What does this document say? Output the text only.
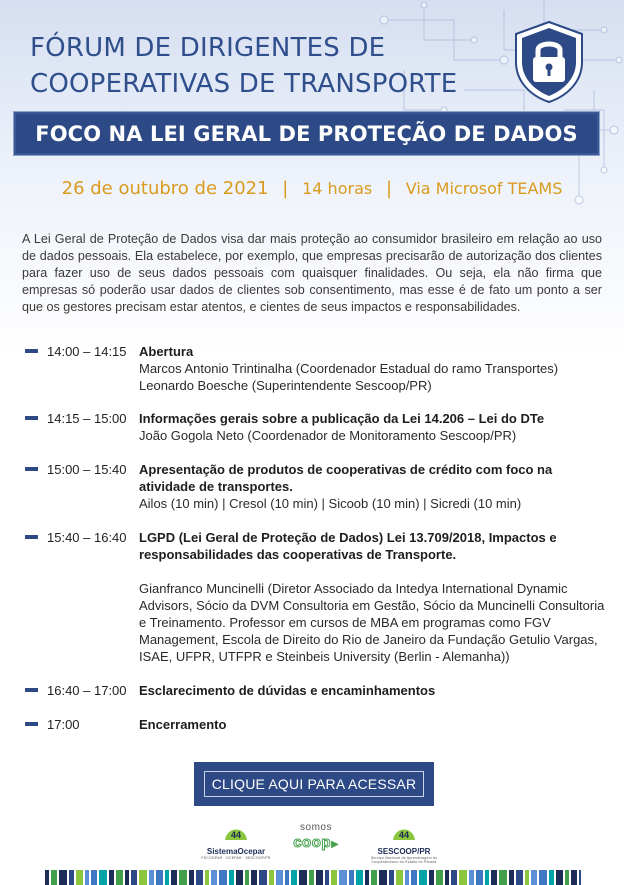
FÓRUM DE DIRIGENTES DE
COOPERATIVAS DE TRANSPORTE
FOCO NA LEI GERAL DE PROTEÇÃO DE DADOS
26 de outubro de 2021 | 14 horas | Via Microsof TEAMS

A Lei Geral de Proteção de Dados visa dar mais proteção ao consumidor brasileiro em relação ao uso de dados pessoais. Ela estabelece, por exemplo, que empresas precisarão de autorização dos clientes para fazer uso de seus dados pessoais com quaisquer finalidades. Ou seja, ela não firma que empresas só poderão usar dados de clientes sob consentimento, mas esse é de fato um ponto a ser que os gestores precisam estar atentos, e cientes de seus impactos e responsabilidades.

14:00 – 14:15 Abertura
Marcos Antonio Trintinalha (Coordenador Estadual do ramo Transportes)
Leonardo Boesche (Superintendente Sescoop/PR)
14:15 – 15:00 Informações gerais sobre a publicação da Lei 14.206 – Lei do DTe
João Gogola Neto (Coordenador de Monitoramento Sescoop/PR)
15:00 – 15:40 Apresentação de produtos de cooperativas de crédito com foco na atividade de transportes.
Ailos (10 min) | Cresol (10 min) | Sicoob (10 min) | Sicredi (10 min)
15:40 – 16:40 LGPD (Lei Geral de Proteção de Dados) Lei 13.709/2018, Impactos e responsabilidades das cooperativas de Transporte.
Gianfranco Muncinelli (Diretor Associado da Intedya International Dynamic Advisors, Sócio da DVM Consultoria em Gestão, Sócio da Muncinelli Consultoria e Treinamento. Professor em cursos de MBA em programas como FGV Management, Escola de Direito do Rio de Janeiro da Fundação Getulio Vargas, ISAE, UFPR, UTFPR e Steinbeis University (Berlin - Alemanha))
16:40 – 17:00 Esclarecimento de dúvidas e encaminhamentos
17:00	Encerramento
CLIQUE AQUI PARA ACESSAR
44
SistemaOcepar
FECOOPAR · OCEPAR · SESCOOP/PR
somos
coop▶
44
SESCOOP/PR
Serviço Nacional de Aprendizagem do Cooperativismo do Estado do Paraná
